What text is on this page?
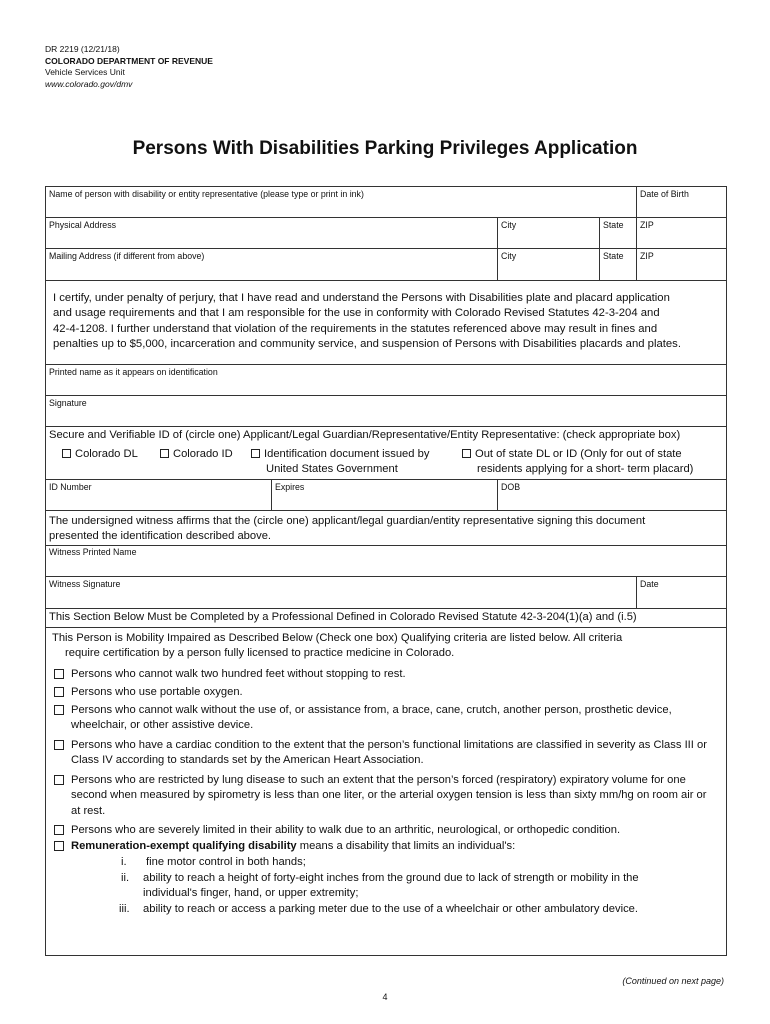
DR 2219 (12/21/18)
COLORADO DEPARTMENT OF REVENUE
Vehicle Services Unit
www.colorado.gov/dmv
Persons With Disabilities Parking Privileges Application
Name of person with disability or entity representative (please type or print in ink)	Date of Birth
Physical Address	City	State	ZIP
Mailing Address (if different from above)	City	State	ZIP
I certify, under penalty of perjury, that I have read and understand the Persons with Disabilities plate and placard application
and usage requirements and that I am responsible for the use in conformity with Colorado Revised Statutes 42-3-204 and
42-4-1208. I further understand that violation of the requirements in the statutes referenced above may result in fines and
penalties up to $5,000, incarceration and community service, and suspension of Persons with Disabilities placards and plates.
Printed name as it appears on identification
Signature
Secure and Verifiable ID of (circle one) Applicant/Legal Guardian/Representative/Entity Representative: (check appropriate box)
Colorado DL	Colorado ID	Identification document issued by
United States Government
Out of state DL or ID (Only for out of state
residents applying for a short- term placard)
ID Number	Expires	DOB
The undersigned witness affirms that the (circle one) applicant/legal guardian/entity representative signing this document
presented the identification described above.
Witness Printed Name
Witness Signature	Date
This Section Below Must be Completed by a Professional Defined in Colorado Revised Statute 42-3-204(1)(a) and (i.5)
This Person is Mobility Impaired as Described Below (Check one box) Qualifying criteria are listed below. All criteria
require certification by a person fully licensed to practice medicine in Colorado.
Persons who cannot walk two hundred feet without stopping to rest.
Persons who use portable oxygen.
Persons who cannot walk without the use of, or assistance from, a brace, cane, crutch, another person, prosthetic device, wheelchair, or other assistive device.
Persons who have a cardiac condition to the extent that the person’s functional limitations are classified in severity as Class III or Class IV according to standards set by the American Heart Association.
Persons who are restricted by lung disease to such an extent that the person’s forced (respiratory) expiratory volume for one second when measured by spirometry is less than one liter, or the arterial oxygen tension is less than sixty mm/hg on room air or at rest.
Persons who are severely limited in their ability to walk due to an arthritic, neurological, or orthopedic condition.
Remuneration-exempt qualifying disability means a disability that limits an individual's:
i. fine motor control in both hands;
ii. ability to reach a height of forty-eight inches from the ground due to lack of strength or mobility in the
individual's finger, hand, or upper extremity;
iii. ability to reach or access a parking meter due to the use of a wheelchair or other ambulatory device.
(Continued on next page)
4
